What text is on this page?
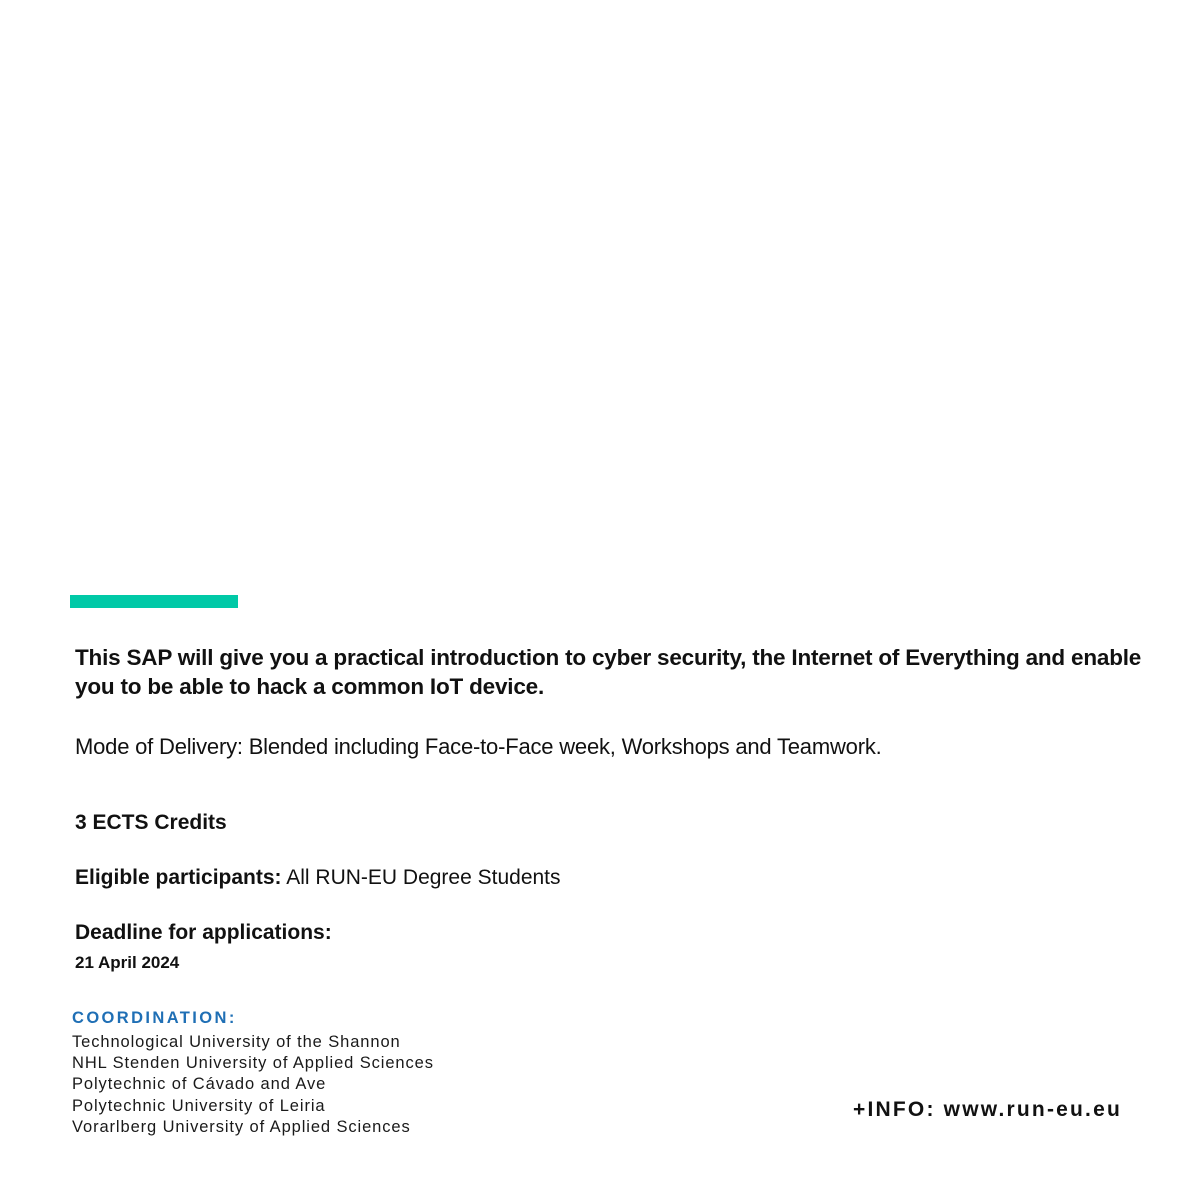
This SAP will give you a practical introduction to cyber security, the Internet of Everything and enable you to be able to hack a common IoT device.
Mode of Delivery: Blended including Face-to-Face week, Workshops and Teamwork.
3 ECTS Credits
Eligible participants: All RUN-EU Degree Students
Deadline for applications:
21 April 2024
COORDINATION:
Technological University of the Shannon
NHL Stenden University of Applied Sciences
Polytechnic of Cávado and Ave
Polytechnic University of Leiria
Vorarlberg University of Applied Sciences
+INFO: www.run-eu.eu
